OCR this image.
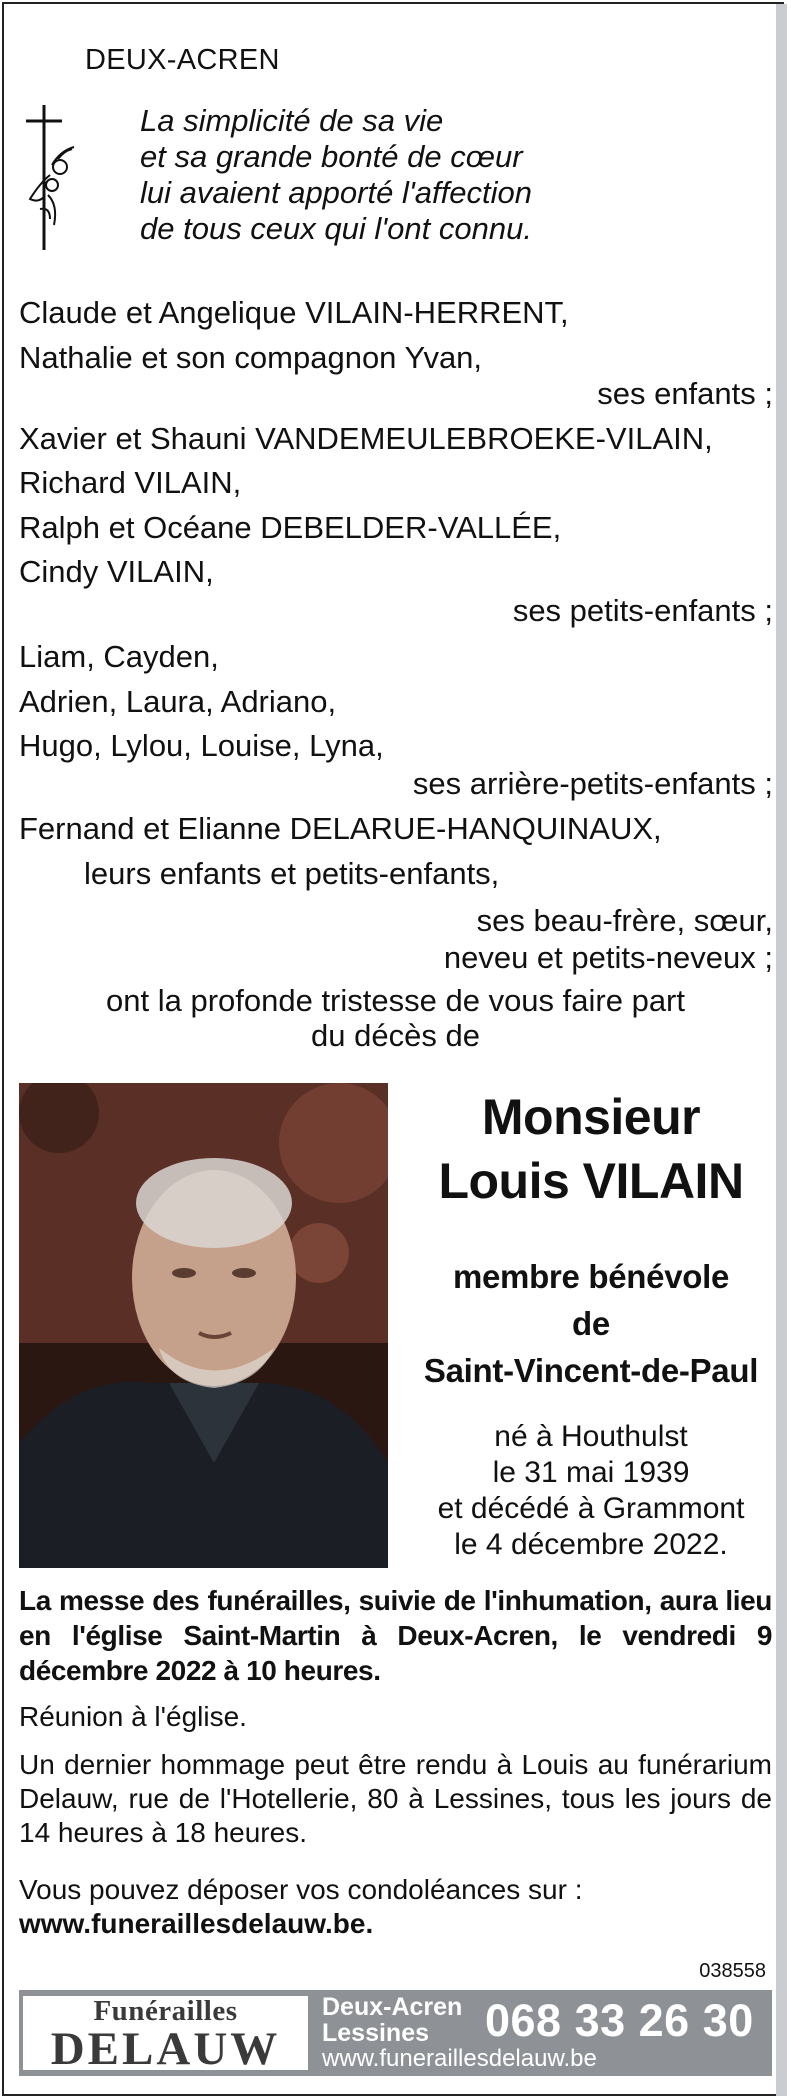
DEUX-ACREN
La simplicité de sa vie
et sa grande bonté de cœur
lui avaient apporté l'affection
de tous ceux qui l'ont connu.
Claude et Angelique VILAIN-HERRENT,
Nathalie et son compagnon Yvan,
ses enfants ;
Xavier et Shauni VANDEMEULEBROEKE-VILAIN,
Richard VILAIN,
Ralph et Océane DEBELDER-VALLÉE,
Cindy VILAIN,
ses petits-enfants ;
Liam, Cayden,
Adrien, Laura, Adriano,
Hugo, Lylou, Louise, Lyna,
ses arrière-petits-enfants ;
Fernand et Elianne DELARUE-HANQUINAUX,
leurs enfants et petits-enfants,
ses beau-frère, sœur,
neveu et petits-neveux ;
ont la profonde tristesse de vous faire part
du décès de
Monsieur
Louis VILAIN
membre bénévole
de
Saint-Vincent-de-Paul
né à Houthulst
le 31 mai 1939
et décédé à Grammont
le 4 décembre 2022.
La messe des funérailles, suivie de l'inhumation, aura lieu en l'église Saint-Martin à Deux-Acren, le vendredi 9 décembre 2022 à 10 heures.
Réunion à l'église.
Un dernier hommage peut être rendu à Louis au funérarium Delauw, rue de l'Hotellerie, 80 à Lessines, tous les jours de 14 heures à 18 heures.
Vous pouvez déposer vos condoléances sur :
www.funeraillesdelauw.be.
038558
Funérailles
DELAUW
Deux-Acren
Lessines	068 33 26 30
www.funeraillesdelauw.be
